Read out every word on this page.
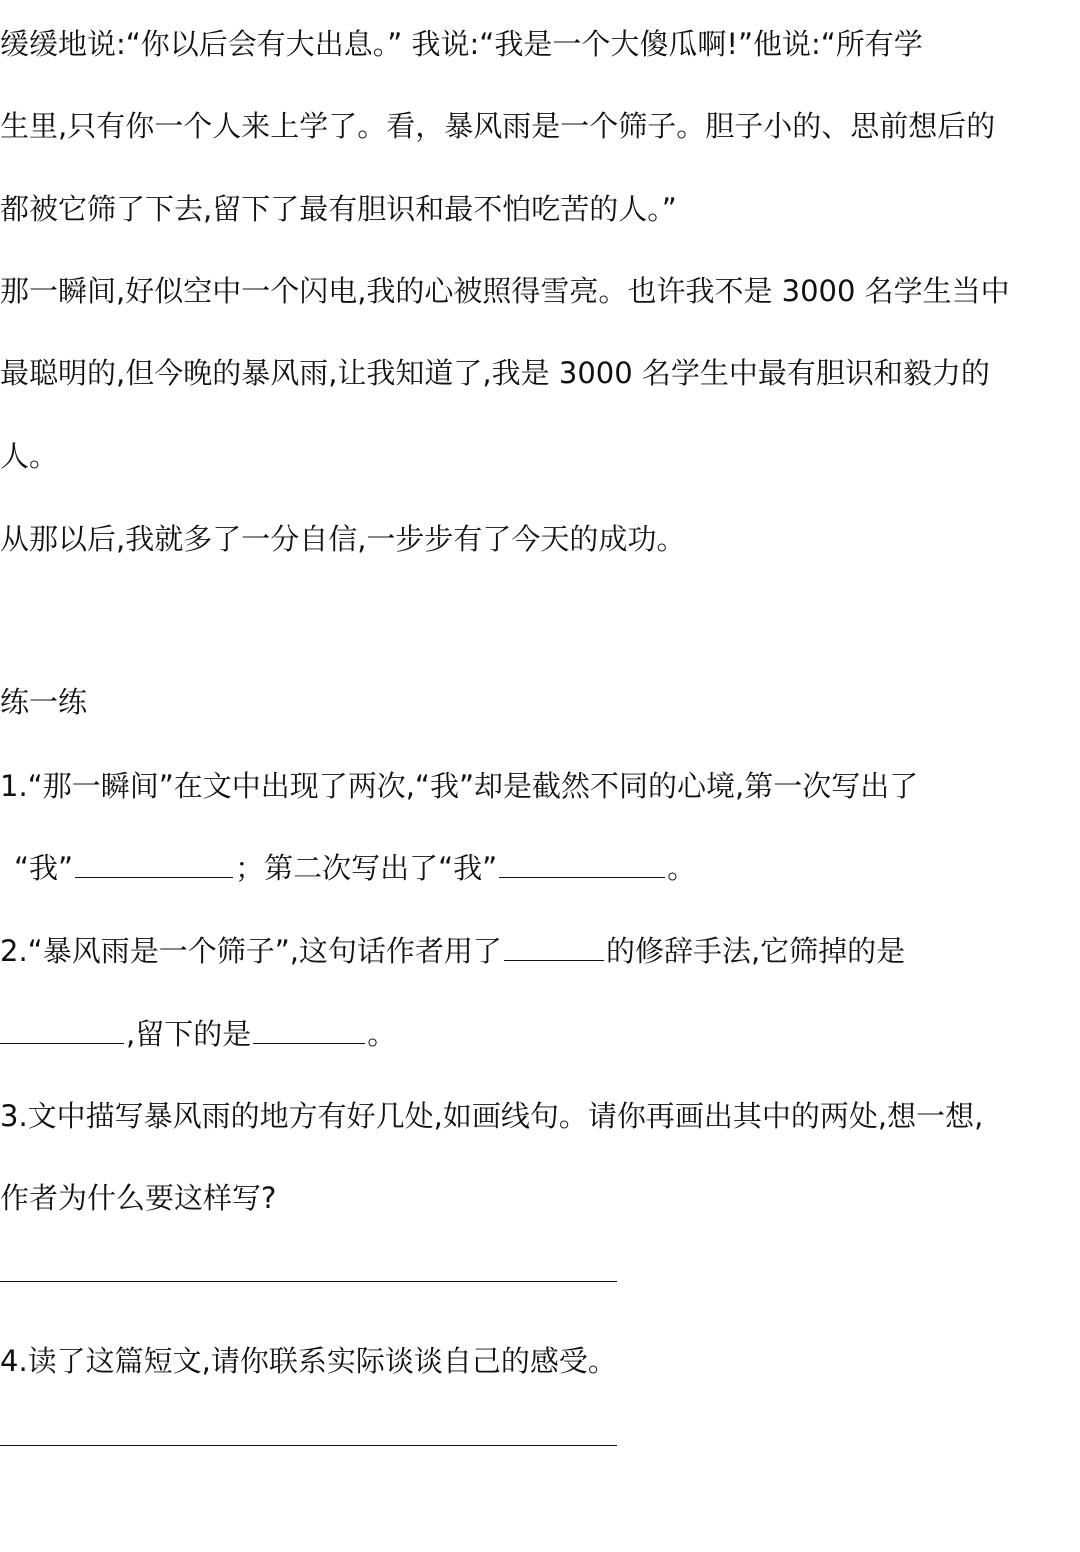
缓缓地说:“你以后会有大出息。” 我说:“我是一个大傻瓜啊!”他说:“所有学
生里,只有你一个人来上学了。看，暴风雨是一个筛子。胆子小的、思前想后的
都被它筛了下去,留下了最有胆识和最不怕吃苦的人。”
那一瞬间,好似空中一个闪电,我的心被照得雪亮。也许我不是 3000 名学生当中
最聪明的,但今晚的暴风雨,让我知道了,我是 3000 名学生中最有胆识和毅力的
人。
从那以后,我就多了一分自信,一步步有了今天的成功。
练一练
1.“那一瞬间”在文中出现了两次,“我”却是截然不同的心境,第一次写出了
“我”	；第二次写出了“我”	。
2.“暴风雨是一个筛子”,这句话作者用了	的修辞手法,它筛掉的是
,留下的是	。
3.文中描写暴风雨的地方有好几处,如画线句。请你再画出其中的两处,想一想,
作者为什么要这样写?
4.读了这篇短文,请你联系实际谈谈自己的感受。
